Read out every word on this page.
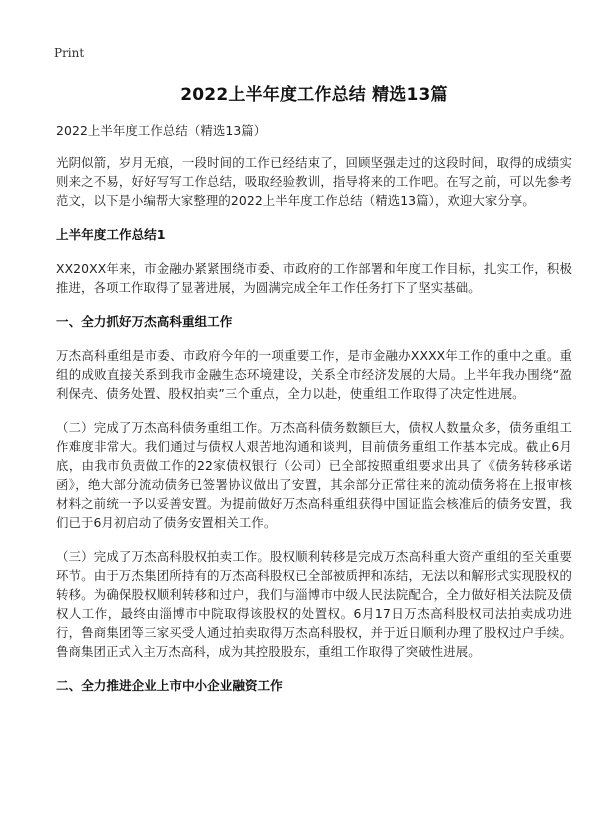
Print
2022上半年度工作总结 精选13篇

2022上半年度工作总结（精选13篇）

光阴似箭，岁月无痕，一段时间的工作已经结束了，回顾坚强走过的这段时间，取得的成绩实则来之不易，好好写写工作总结，吸取经验教训，指导将来的工作吧。在写之前，可以先参考范文，以下是小编帮大家整理的2022上半年度工作总结（精选13篇），欢迎大家分享。

上半年度工作总结1

XX20XX年来，市金融办紧紧围绕市委、市政府的工作部署和年度工作目标，扎实工作，积极推进，各项工作取得了显著进展，为圆满完成全年工作任务打下了坚实基础。

一、全力抓好万杰高科重组工作

万杰高科重组是市委、市政府今年的一项重要工作，是市金融办XXXX年工作的重中之重。重组的成败直接关系到我市金融生态环境建设，关系全市经济发展的大局。上半年我办围绕“盈利保壳、债务处置、股权拍卖”三个重点，全力以赴，使重组工作取得了决定性进展。

（二）完成了万杰高科债务重组工作。万杰高科债务数额巨大，债权人数量众多，债务重组工作难度非常大。我们通过与债权人艰苦地沟通和谈判，目前债务重组工作基本完成。截止6月底，由我市负责做工作的22家债权银行（公司）已全部按照重组要求出具了《债务转移承诺函》，绝大部分流动债务已签署协议做出了安置，其余部分正常往来的流动债务将在上报审核材料之前统一予以妥善安置。为提前做好万杰高科重组获得中国证监会核准后的债务安置，我们已于6月初启动了债务安置相关工作。

（三）完成了万杰高科股权拍卖工作。股权顺利转移是完成万杰高科重大资产重组的至关重要环节。由于万杰集团所持有的万杰高科股权已全部被质押和冻结，无法以和解形式实现股权的转移。为确保股权顺利转移和过户，我们与淄博市中级人民法院配合，全力做好相关法院及债权人工作，最终由淄博市中院取得该股权的处置权。6月17日万杰高科股权司法拍卖成功进行，鲁商集团等三家买受人通过拍卖取得万杰高科股权，并于近日顺利办理了股权过户手续。鲁商集团正式入主万杰高科，成为其控股股东，重组工作取得了突破性进展。

二、全力推进企业上市中小企业融资工作
